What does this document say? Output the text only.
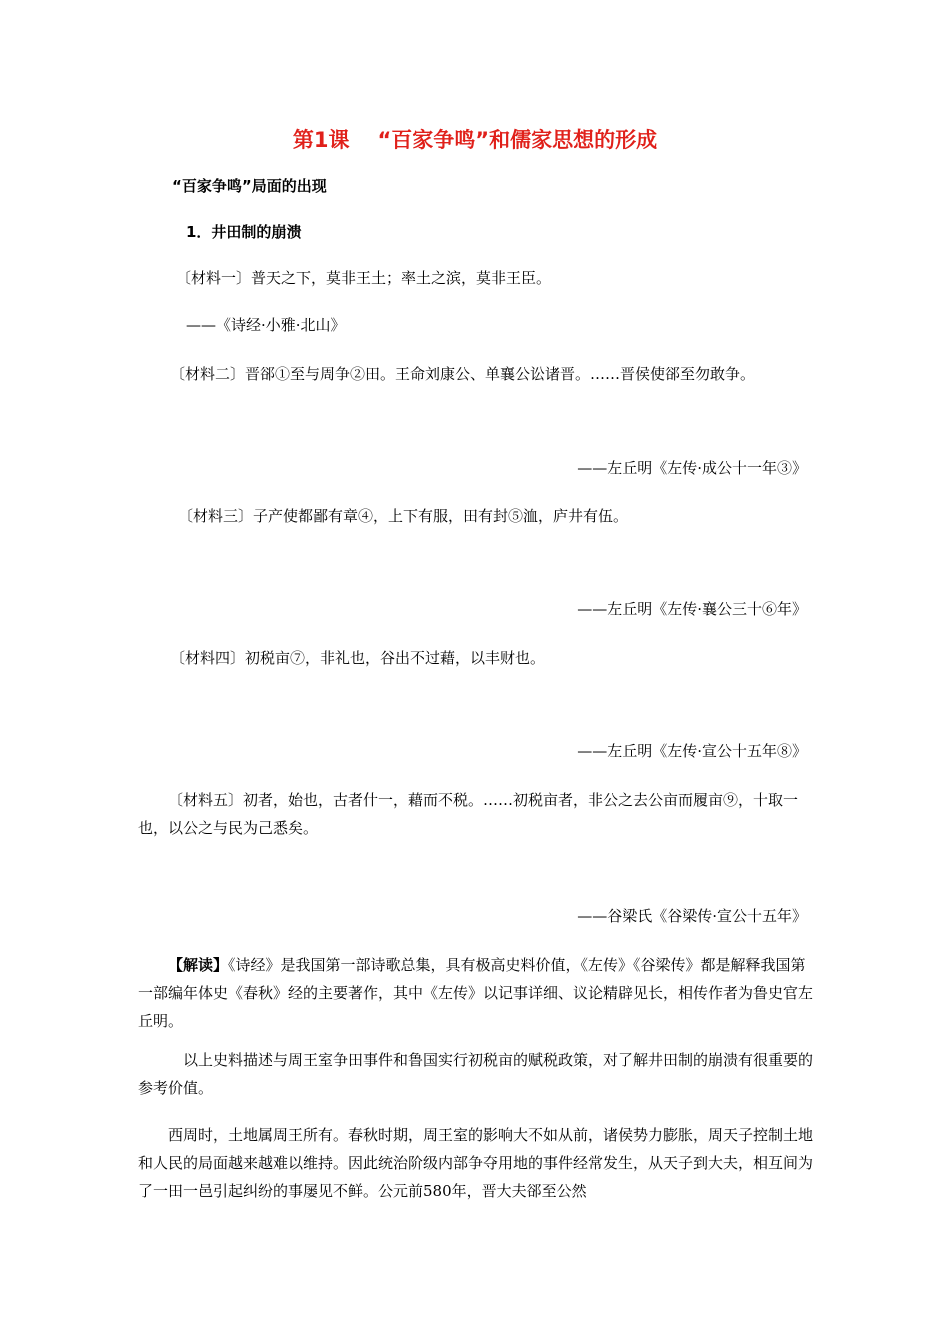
第1课 “百家争鸣”和儒家思想的形成
“百家争鸣”局面的出现
1．井田制的崩溃
〔材料一〕普天之下，莫非王土；率土之滨，莫非王臣。
——《诗经·小雅·北山》
〔材料二〕晋郤①至与周争②田。王命刘康公、单襄公讼诸晋。……晋侯使郤至勿敢争。
——左丘明《左传·成公十一年③》
〔材料三〕子产使都鄙有章④，上下有服，田有封⑤洫，庐井有伍。
——左丘明《左传·襄公三十⑥年》
〔材料四〕初税亩⑦，非礼也，谷出不过藉，以丰财也。
——左丘明《左传·宣公十五年⑧》
〔材料五〕初者，始也，古者什一，藉而不税。……初税亩者，非公之去公亩而履亩⑨，十取一也，以公之与民为己悉矣。
——谷梁氏《谷梁传·宣公十五年》
【解读】《诗经》是我国第一部诗歌总集，具有极高史料价值，《左传》《谷梁传》都是解释我国第一部编年体史《春秋》经的主要著作，其中《左传》以记事详细、议论精辟见长，相传作者为鲁史官左丘明。
以上史料描述与周王室争田事件和鲁国实行初税亩的赋税政策，对了解井田制的崩溃有很重要的参考价值。
西周时，土地属周王所有。春秋时期，周王室的影响大不如从前，诸侯势力膨胀，周天子控制土地和人民的局面越来越难以维持。因此统治阶级内部争夺用地的事件经常发生，从天子到大夫，相互间为了一田一邑引起纠纷的事屡见不鲜。公元前580年，晋大夫郤至公然
